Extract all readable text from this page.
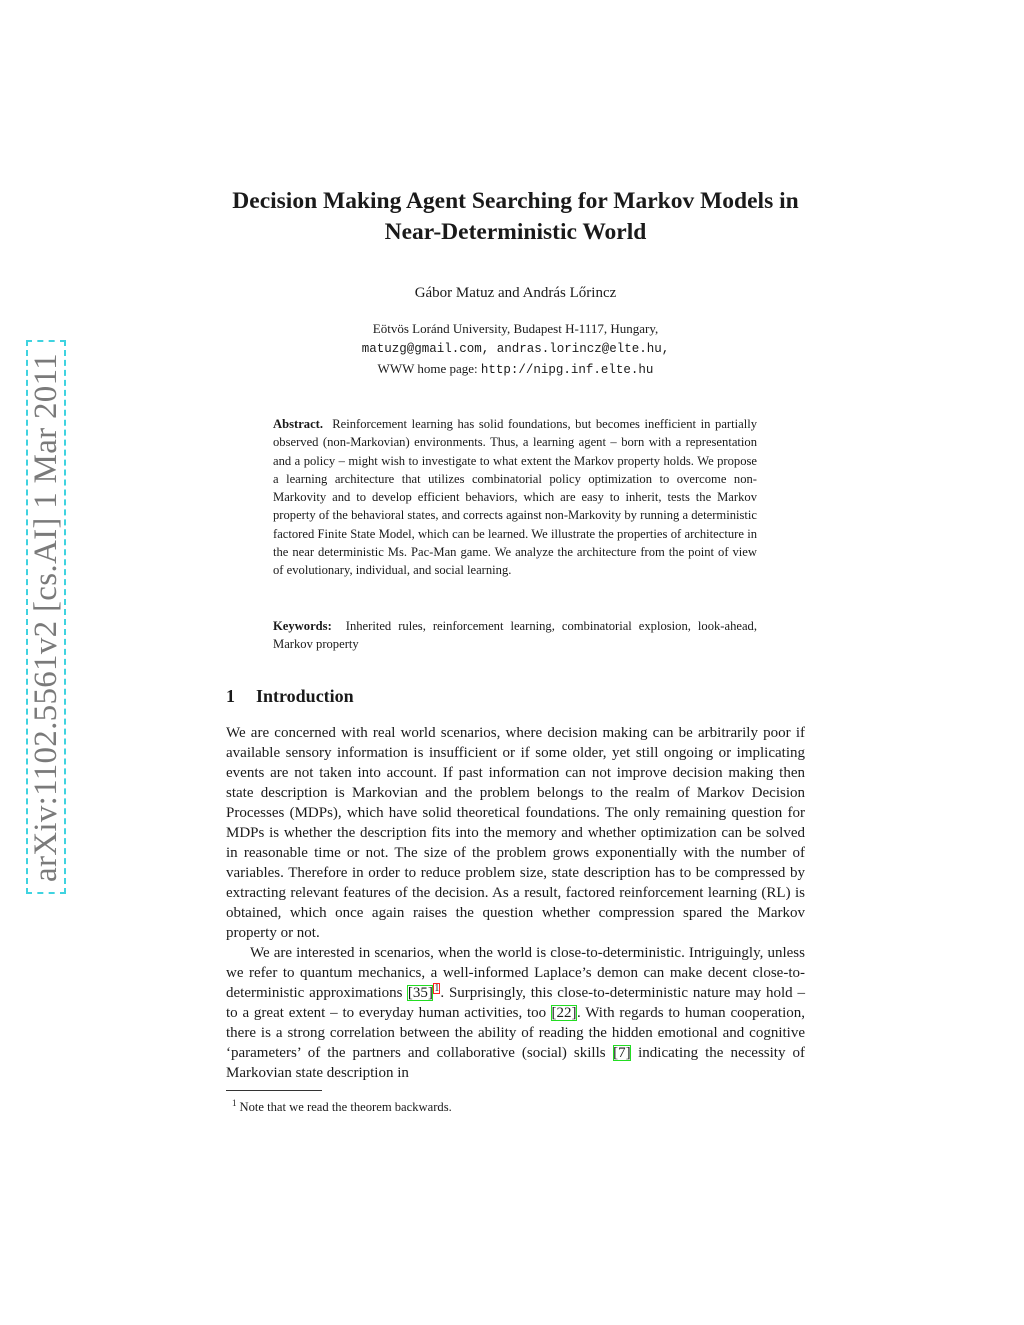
arXiv:1102.5561v2 [cs.AI] 1 Mar 2011
Decision Making Agent Searching for Markov Models in
Near-Deterministic World

Gábor Matuz and András Lőrincz

Eötvös Loránd University, Budapest H-1117, Hungary,
matuzg@gmail.com, andras.lorincz@elte.hu,
WWW home page: http://nipg.inf.elte.hu

Abstract. Reinforcement learning has solid foundations, but becomes inefficient in partially observed (non-Markovian) environments. Thus, a learning agent – born with a representation and a policy – might wish to investigate to what extent the Markov property holds. We propose a learning architecture that utilizes combinatorial policy optimization to overcome non-Markovity and to develop efficient behaviors, which are easy to inherit, tests the Markov property of the behavioral states, and corrects against non-Markovity by running a deterministic factored Finite State Model, which can be learned. We illustrate the properties of architecture in the near deterministic Ms. Pac-Man game. We analyze the architecture from the point of view of evolutionary, individual, and social learning.

Keywords: Inherited rules, reinforcement learning, combinatorial explosion, look-ahead, Markov property

1 Introduction

We are concerned with real world scenarios, where decision making can be arbitrarily poor if available sensory information is insufficient or if some older, yet still ongoing or implicating events are not taken into account. If past information can not improve decision making then state description is Markovian and the problem belongs to the realm of Markov Decision Processes (MDPs), which have solid theoretical foundations. The only remaining question for MDPs is whether the description fits into the memory and whether optimization can be solved in reasonable time or not. The size of the problem grows exponentially with the number of variables. Therefore in order to reduce problem size, state description has to be compressed by extracting relevant features of the decision. As a result, factored reinforcement learning (RL) is obtained, which once again raises the question whether compression spared the Markov property or not.

We are interested in scenarios, when the world is close-to-deterministic. Intriguingly, unless we refer to quantum mechanics, a well-informed Laplace’s demon can make decent close-to-deterministic approximations [35] $^1$. Surprisingly, this close-to-deterministic nature may hold – to a great extent – to everyday human activities, too [22]. With regards to human cooperation, there is a strong correlation between the ability of reading the hidden emotional and cognitive ‘parameters’ of the partners and collaborative (social) skills [7] indicating the necessity of Markovian state description in

$^1$ Note that we read the theorem backwards.
